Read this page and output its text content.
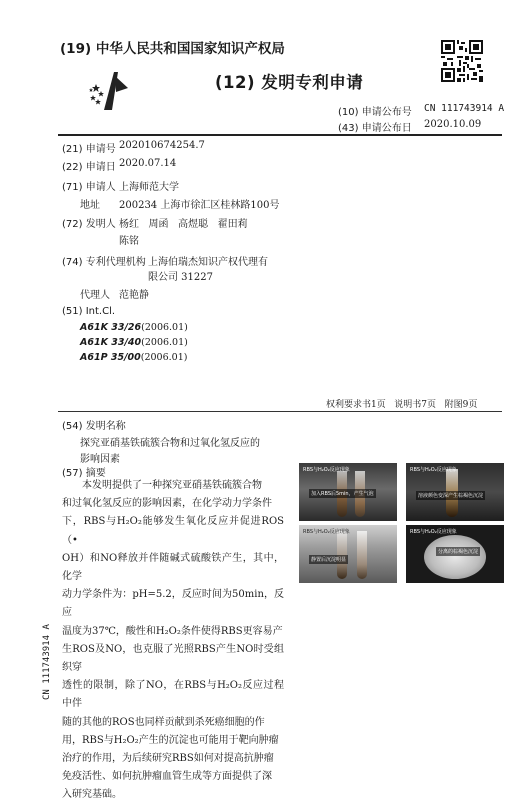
(19) 中华人民共和国国家知识产权局
(12) 发明专利申请
(10) 申请公布号 CN 111743914 A
(43) 申请公布日 2020.10.09
(21) 申请号 202010674254.7
(22) 申请日 2020.07.14
(71) 申请人 上海师范大学
地址 200234 上海市徐汇区桂林路100号
(72) 发明人 杨红   周函   高煜聪   翟田莉
陈铭
(74) 专利代理机构 上海伯瑞杰知识产权代理有
限公司 31227
代理人 范艳静
(51) Int.Cl.
A61K 33/26(2006.01)
A61K 33/40(2006.01)
A61P 35/00(2006.01)
权利要求书1页   说明书7页   附图9页
(54) 发明名称
探究亚硝基铁硫簇合物和过氧化氢反应的
影响因素
(57) 摘要

本发明提供了一种探究亚硝基铁硫簇合物

和过氧化氢反应的影响因素，在化学动力学条件
下，RBS与H₂O₂能够发生氧化反应并促进ROS（•
OH）和NO释放并伴随碱式硫酸铁产生，其中，化学
动力学条件为：pH=5.2，反应时间为50min，反应
温度为37℃，酸性和H₂O₂条件使得RBS更容易产
生ROS及NO，也克服了光照RBS产生NO时受组织穿
透性的限制，除了NO，在RBS与H₂O₂反应过程中伴
随的其他的ROS也同样贡献到杀死癌细胞的作
用，RBS与H₂O₂产生的沉淀也可能用于靶向肿瘤
治疗的作用，为后续研究RBS如何对提高抗肿瘤
免疫活性、如何抗肿瘤血管生成等方面提供了深
入研究基础。
RBS与H₂O₂反应现象
加入RBS后5min，产生气泡
RBS与H₂O₂反应现象
溶液颜色变深产生棕褐色沉淀
RBS与H₂O₂反应现象
静置后沉淀明显
RBS与H₂O₂反应现象
分离的棕褐色沉淀
CN 111743914 A
